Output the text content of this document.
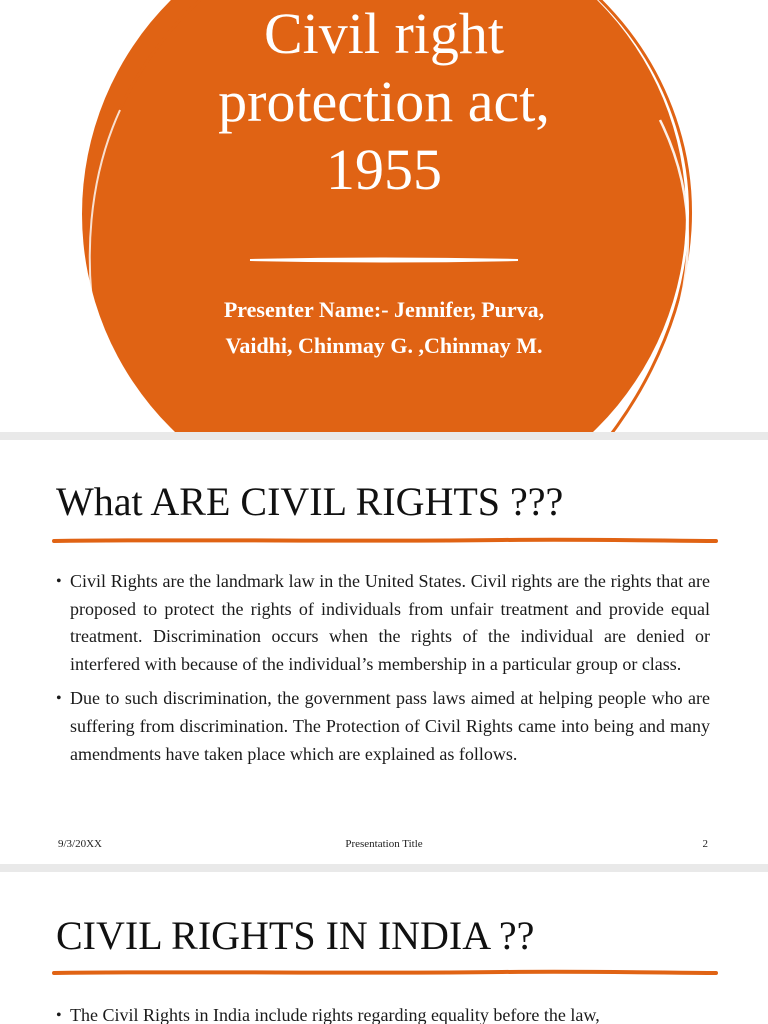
Civil right
protection act,
1955
Presenter Name:- Jennifer, Purva,
Vaidhi, Chinmay G. ,Chinmay M.
What ARE CIVIL RIGHTS ???
• Civil Rights are the landmark law in the United States. Civil rights are the rights that are proposed to protect the rights of individuals from unfair treatment and provide equal treatment. Discrimination occurs when the rights of the individual are denied or interfered with because of the individual’s membership in a particular group or class.
• Due to such discrimination, the government pass laws aimed at helping people who are suffering from discrimination. The Protection of Civil Rights came into being and many amendments have taken place which are explained as follows.
9/3/20XX	Presentation Title	2
CIVIL RIGHTS IN INDIA ??
• The Civil Rights in India include rights regarding equality before the law,
